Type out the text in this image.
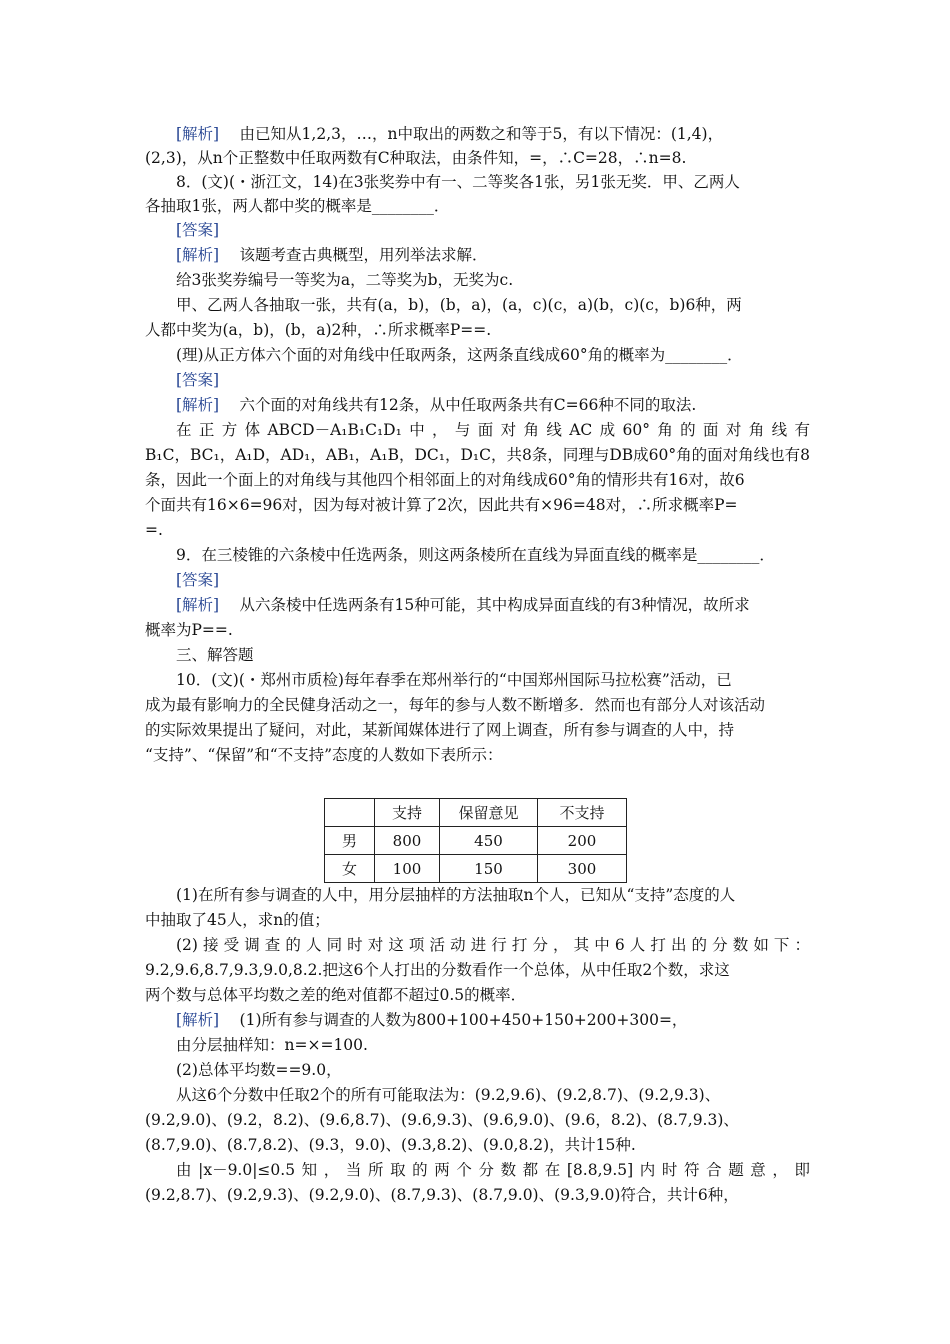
[解析]　 由已知从1,2,3，…，n中取出的两数之和等于5，有以下情况：(1,4)，
(2,3)，从n个正整数中任取两数有C种取法，由条件知，=，∴C=28，∴n=8.
8．(文)(・浙江文，14)在3张奖券中有一、二等奖各1张，另1张无奖．甲、乙两人
各抽取1张，两人都中奖的概率是________．
[答案]
[解析]　 该题考查古典概型，用列举法求解．
给3张奖券编号一等奖为a，二等奖为b，无奖为c.
甲、乙两人各抽取一张，共有(a，b)，(b，a)，(a，c)(c，a)(b，c)(c，b)6种，两
人都中奖为(a，b)，(b，a)2种，∴所求概率P==.
(理)从正方体六个面的对角线中任取两条，这两条直线成60°角的概率为________．
[答案]
[解析]　 六个面的对角线共有12条，从中任取两条共有C=66种不同的取法.
在正方体ABCD－A₁B₁C₁D₁中，与面对角线AC成60°角的面对角线有
B₁C，BC₁，A₁D，AD₁，AB₁，A₁B，DC₁，D₁C，共8条，同理与DB成60°角的面对角线也有8
条，因此一个面上的对角线与其他四个相邻面上的对角线成60°角的情形共有16对，故6
个面共有16×6=96对，因为每对被计算了2次，因此共有×96=48对，∴所求概率P=
=.
9．在三棱锥的六条棱中任选两条，则这两条棱所在直线为异面直线的概率是________．
[答案]
[解析]　 从六条棱中任选两条有15种可能，其中构成异面直线的有3种情况，故所求
概率为P==.
三、解答题
10．(文)(・郑州市质检)每年春季在郑州举行的“中国郑州国际马拉松赛”活动，已
成为最有影响力的全民健身活动之一，每年的参与人数不断增多．然而也有部分人对该活动
的实际效果提出了疑问，对此，某新闻媒体进行了网上调查，所有参与调查的人中，持
“支持”、“保留”和“不支持”态度的人数如下表所示：
	支持	保留意见	不支持
男	800	450	200
女	100	150	300
(1)在所有参与调查的人中，用分层抽样的方法抽取n个人，已知从“支持”态度的人
中抽取了45人，求n的值；
(2)接受调查的人同时对这项活动进行打分，其中6人打出的分数如下：
9.2,9.6,8.7,9.3,9.0,8.2.把这6个人打出的分数看作一个总体，从中任取2个数，求这
两个数与总体平均数之差的绝对值都不超过0.5的概率．
[解析]　 (1)所有参与调查的人数为800+100+450+150+200+300=，
由分层抽样知：n=×=100.
(2)总体平均数==9.0，
从这6个分数中任取2个的所有可能取法为：(9.2,9.6)、(9.2,8.7)、(9.2,9.3)、
(9.2,9.0)、(9.2，8.2)、(9.6,8.7)、(9.6,9.3)、(9.6,9.0)、(9.6，8.2)、(8.7,9.3)、
(8.7,9.0)、(8.7,8.2)、(9.3，9.0)、(9.3,8.2)、(9.0,8.2)，共计15种.
由|x－9.0|≤0.5知，当所取的两个分数都在[8.8,9.5]内时符合题意，即
(9.2,8.7)、(9.2,9.3)、(9.2,9.0)、(8.7,9.3)、(8.7,9.0)、(9.3,9.0)符合，共计6种，
